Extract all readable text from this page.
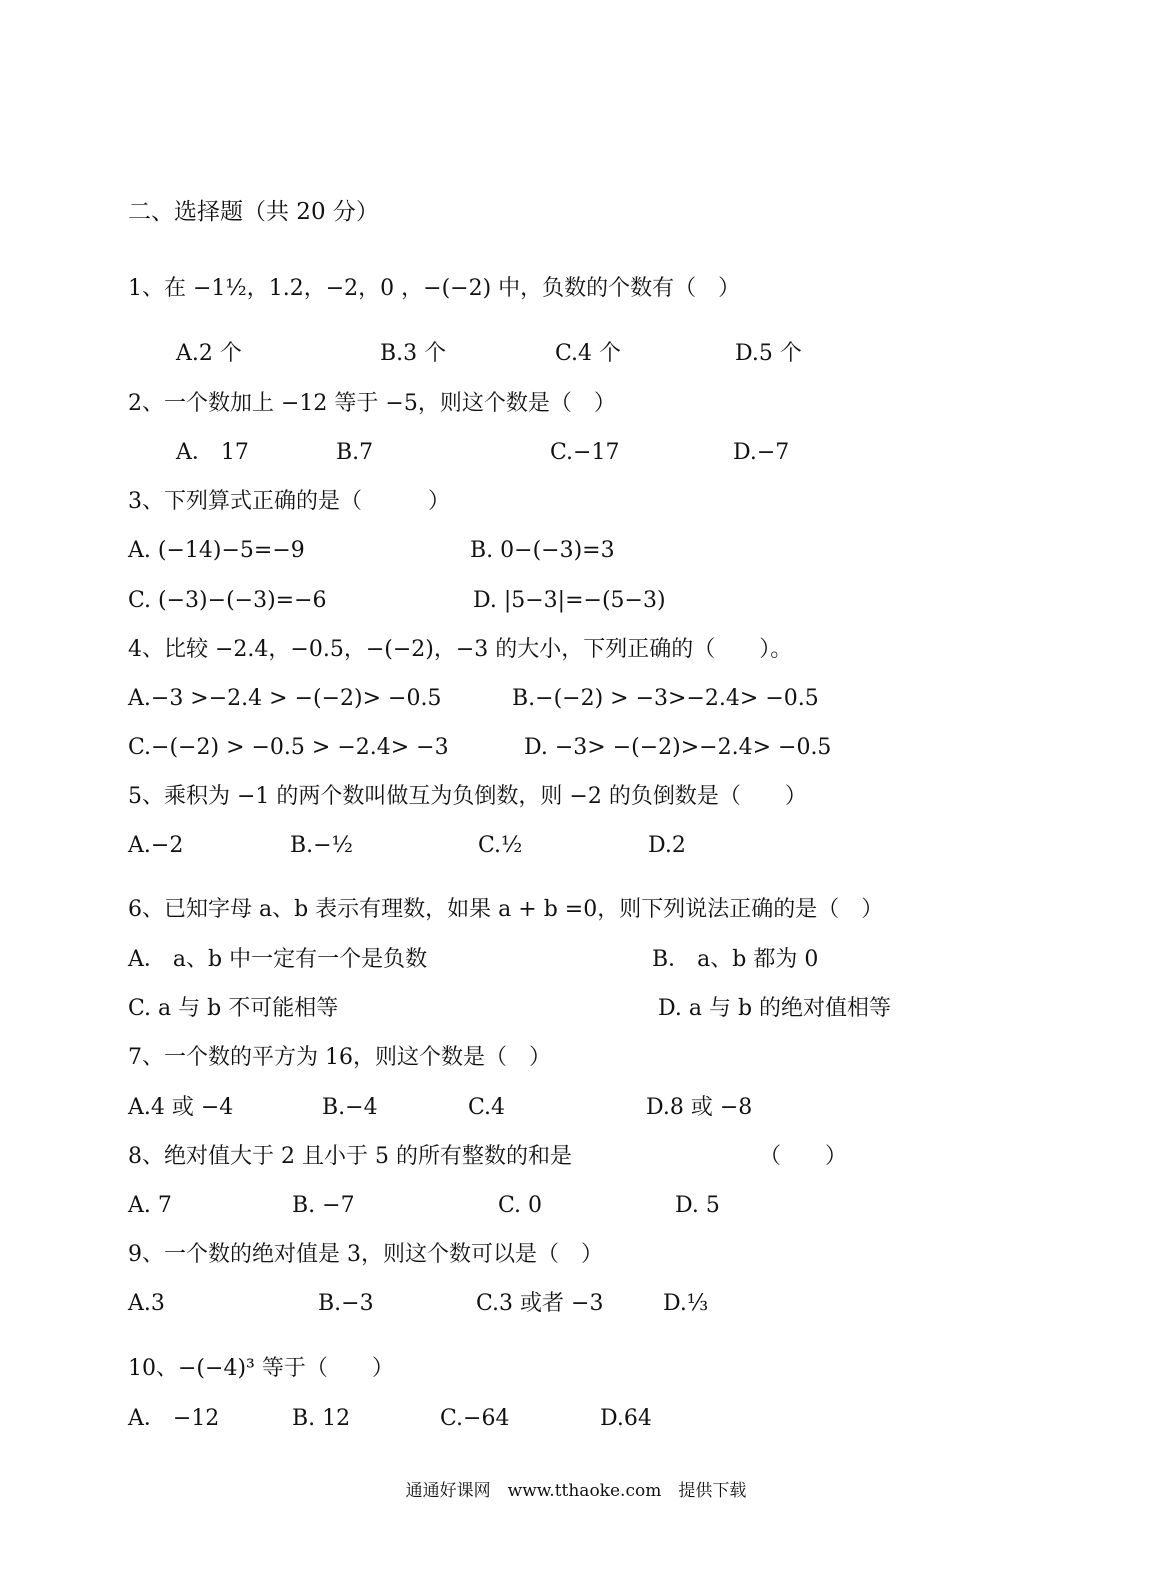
二、选择题（共 20 分）
1、在 −1½，1.2，−2，0 ，−(−2) 中，负数的个数有（　）
A.2 个	B.3 个	C.4 个	D.5 个
2、一个数加上 −12 等于 −5，则这个数是（　）
A． 17	B.7	C.−17	D.−7
3、下列算式正确的是（　　　）
A. (−14)−5=−9	B. 0−(−3)=3
C. (−3)−(−3)=−6	D. |5−3|=−(5−3)
4、比较 −2.4，−0.5，−(−2)，−3 的大小，下列正确的（　　）。
A.−3 >−2.4 > −(−2)> −0.5	B.−(−2) > −3>−2.4> −0.5
C.−(−2) > −0.5 > −2.4> −3	D. −3> −(−2)>−2.4> −0.5
5、乘积为 −1 的两个数叫做互为负倒数，则 −2 的负倒数是（　　）
A.−2	B.−½	C.½	D.2
6、已知字母 a、b 表示有理数，如果 a + b =0，则下列说法正确的是（　）
A． a、b 中一定有一个是负数	B． a、b 都为 0
C. a 与 b 不可能相等	D. a 与 b 的绝对值相等
7、一个数的平方为 16，则这个数是（　）
A.4 或 −4	B.−4	C.4	D.8 或 −8
8、绝对值大于 2 且小于 5 的所有整数的和是　　　　　　　　　（　　）
A. 7	B. −7	C. 0	D. 5
9、一个数的绝对值是 3，则这个数可以是（　）
A.3	B.−3	C.3 或者 −3	D.⅓
10、−(−4)³ 等于（　　）
A． −12	B. 12	C.−64	D.64
通通好课网　www.tthaoke.com　提供下载
